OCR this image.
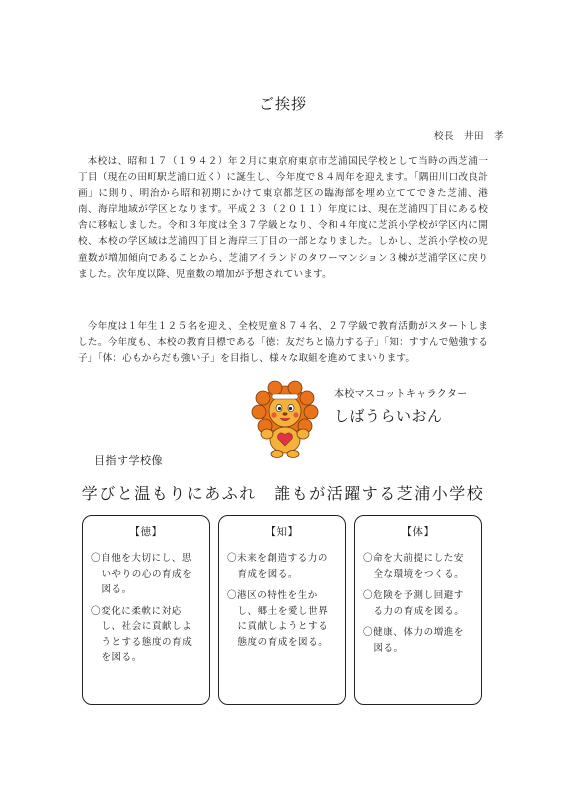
ご挨拶
校長 井田　孝

本校は、昭和１７（１９４２）年２月に東京府東京市芝浦国民学校として当時の西芝浦一丁目（現在の田町駅芝浦口近く）に誕生し、今年度で８４周年を迎えます。「隅田川口改良計画」に則り、明治から昭和初期にかけて東京都芝区の臨海部を埋め立ててできた芝浦、港南、海岸地域が学区となります。平成２３（２０１１）年度には、現在芝浦四丁目にある校舎に移転しました。令和３年度は全３７学級となり、令和４年度に芝浜小学校が学区内に開校、本校の学区域は芝浦四丁目と海岸三丁目の一部となりました。しかし、芝浜小学校の児童数が増加傾向であることから、芝浦アイランドのタワーマンション３棟が芝浦学区に戻りました。次年度以降、児童数の増加が予想されています。

今年度は１年生１２５名を迎え、全校児童８７４名、２７学級で教育活動がスタートしました。今年度も、本校の教育目標である「徳：友だちと協力する子」「知：すすんで勉強する子」「体：心もからだも強い子」を目指し、様々な取組を進めてまいります。

本校マスコットキャラクター
しばうらいおん
目指す学校像
学びと温もりにあふれ　誰もが活躍する芝浦小学校
【徳】
〇自他を大切にし、思いやりの心の育成を図る。
〇変化に柔軟に対応し、社会に貢献しようとする態度の育成を図る。
【知】
〇未来を創造する力の育成を図る。
〇港区の特性を生かし、郷土を愛し世界に貢献しようとする態度の育成を図る。
【体】
〇命を大前提にした安全な環境をつくる。
〇危険を予測し回避する力の育成を図る。
〇健康、体力の増進を図る。
